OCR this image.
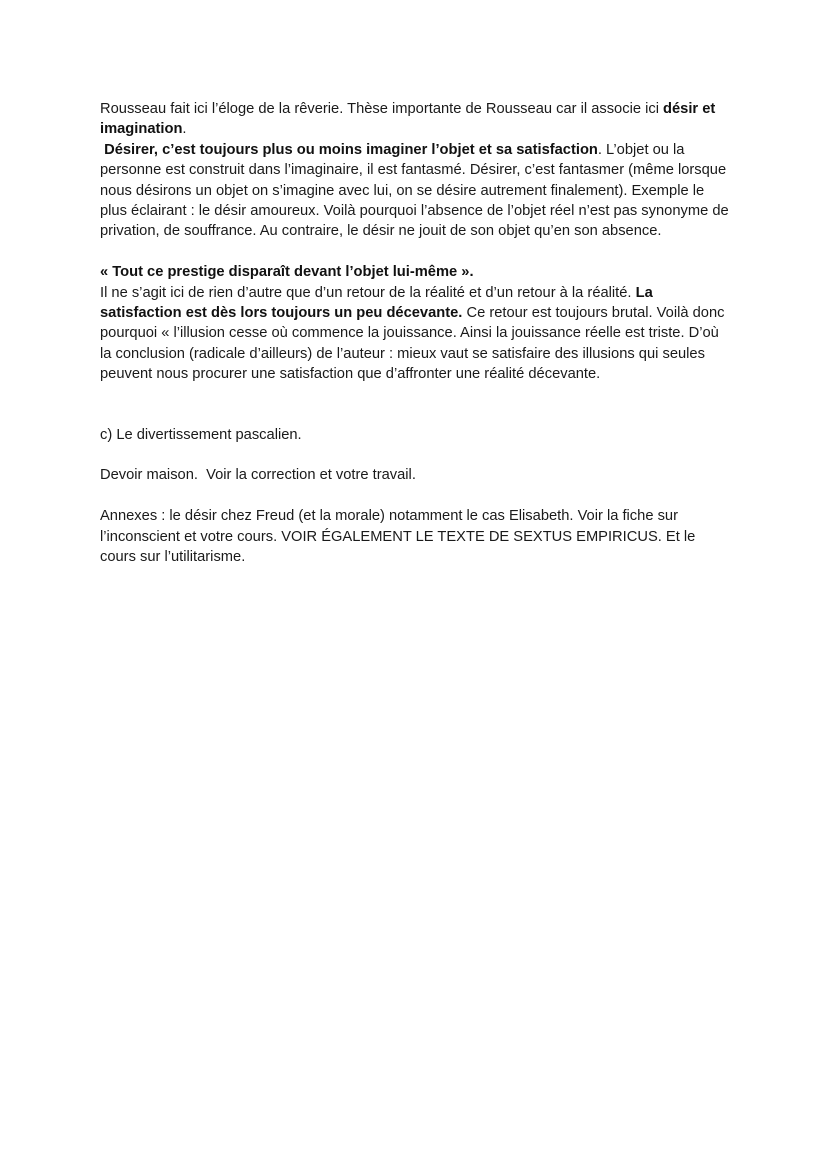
Rousseau fait ici l’éloge de la rêverie. Thèse importante de Rousseau car il associe ici désir et imagination.

Désirer, c’est toujours plus ou moins imaginer l’objet et sa satisfaction. L’objet ou la personne est construit dans l’imaginaire, il est fantasmé. Désirer, c’est fantasmer (même lorsque nous désirons un objet on s’imagine avec lui, on se désire autrement finalement). Exemple le plus éclairant : le désir amoureux. Voilà pourquoi l’absence de l’objet réel n’est pas synonyme de privation, de souffrance. Au contraire, le désir ne jouit de son objet qu’en son absence.

« Tout ce prestige disparaît devant l’objet lui-même ».

Il ne s’agit ici de rien d’autre que d’un retour de la réalité et d’un retour à la réalité. La satisfaction est dès lors toujours un peu décevante. Ce retour est toujours brutal. Voilà donc pourquoi « l’illusion cesse où commence la jouissance. Ainsi la jouissance réelle est triste. D’où la conclusion (radicale d’ailleurs) de l’auteur : mieux vaut se satisfaire des illusions qui seules peuvent nous procurer une satisfaction que d’affronter une réalité décevante.

c) Le divertissement pascalien.

Devoir maison.  Voir la correction et votre travail.

Annexes : le désir chez Freud (et la morale) notamment le cas Elisabeth. Voir la fiche sur l’inconscient et votre cours. VOIR ÉGALEMENT LE TEXTE DE SEXTUS EMPIRICUS. Et le cours sur l’utilitarisme.
